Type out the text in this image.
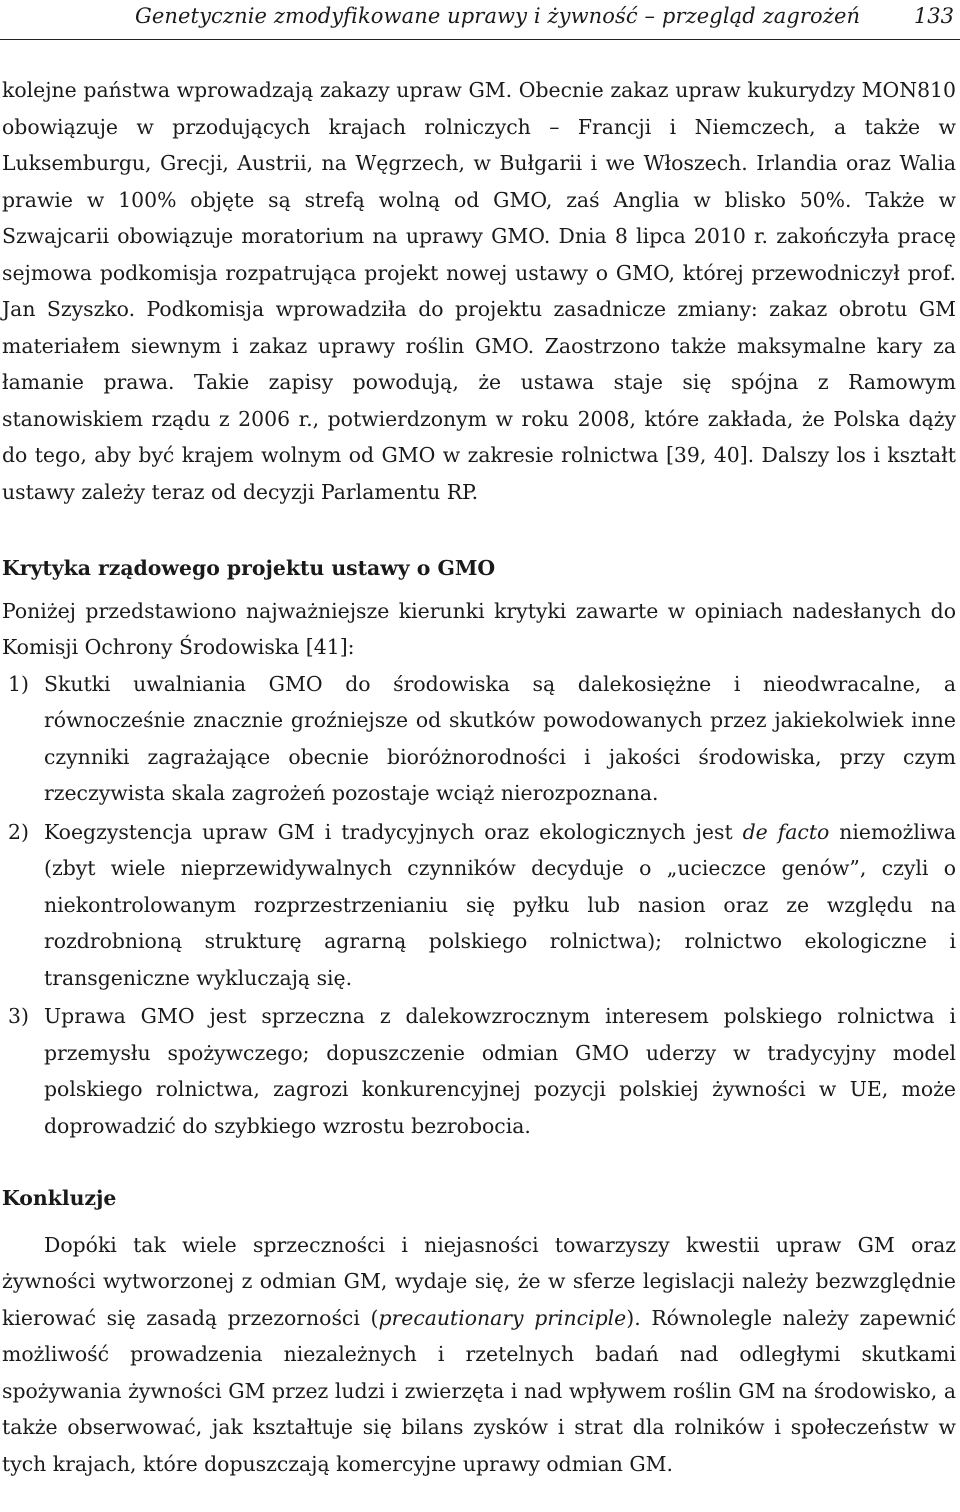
Genetycznie zmodyfikowane uprawy i żywność – przegląd zagrożeń	133

kolejne państwa wprowadzają zakazy upraw GM. Obecnie zakaz upraw kukurydzy MON810 obowiązuje w przodujących krajach rolniczych – Francji i Niemczech, a także w Luksemburgu, Grecji, Austrii, na Węgrzech, w Bułgarii i we Włoszech. Irlandia oraz Walia prawie w 100% objęte są strefą wolną od GMO, zaś Anglia w blisko 50%. Także w Szwajcarii obowiązuje moratorium na uprawy GMO. Dnia 8 lipca 2010 r. zakończyła pracę sejmowa podkomisja rozpatrująca projekt nowej ustawy o GMO, której przewodniczył prof. Jan Szyszko. Podkomisja wprowadziła do projektu zasadnicze zmiany: zakaz obrotu GM materiałem siewnym i zakaz uprawy roślin GMO. Zaostrzono także maksymalne kary za łamanie prawa. Takie zapisy powodują, że ustawa staje się spójna z Ramowym stanowiskiem rządu z 2006 r., potwierdzonym w roku 2008, które zakłada, że Polska dąży do tego, aby być krajem wolnym od GMO w zakresie rolnictwa [39, 40]. Dalszy los i kształt ustawy zależy teraz od decyzji Parlamentu RP.

Krytyka rządowego projektu ustawy o GMO

Poniżej przedstawiono najważniejsze kierunki krytyki zawarte w opiniach nadesłanych do Komisji Ochrony Środowiska [41]:

1) Skutki uwalniania GMO do środowiska są dalekosiężne i nieodwracalne, a równocześnie znacznie groźniejsze od skutków powodowanych przez jakiekolwiek inne czynniki zagrażające obecnie bioróżnorodności i jakości środowiska, przy czym rzeczywista skala zagrożeń pozostaje wciąż nierozpoznana.
2) Koegzystencja upraw GM i tradycyjnych oraz ekologicznych jest de facto niemożliwa (zbyt wiele nieprzewidywalnych czynników decyduje o „ucieczce genów”, czyli o niekontrolowanym rozprzestrzenianiu się pyłku lub nasion oraz ze względu na rozdrobnioną strukturę agrarną polskiego rolnictwa); rolnictwo ekologiczne i transgeniczne wykluczają się.
3) Uprawa GMO jest sprzeczna z dalekowzrocznym interesem polskiego rolnictwa i przemysłu spożywczego; dopuszczenie odmian GMO uderzy w tradycyjny model polskiego rolnictwa, zagrozi konkurencyjnej pozycji polskiej żywności w UE, może doprowadzić do szybkiego wzrostu bezrobocia.
Konkluzje

Dopóki tak wiele sprzeczności i niejasności towarzyszy kwestii upraw GM oraz żywności wytworzonej z odmian GM, wydaje się, że w sferze legislacji należy bezwzględnie kierować się zasadą przezorności (precautionary principle). Równolegle należy zapewnić możliwość prowadzenia niezależnych i rzetelnych badań nad odległymi skutkami spożywania żywności GM przez ludzi i zwierzęta i nad wpływem roślin GM na środowisko, a także obserwować, jak kształtuje się bilans zysków i strat dla rolników i społeczeństw w tych krajach, które dopuszczają komercyjne uprawy odmian GM.
